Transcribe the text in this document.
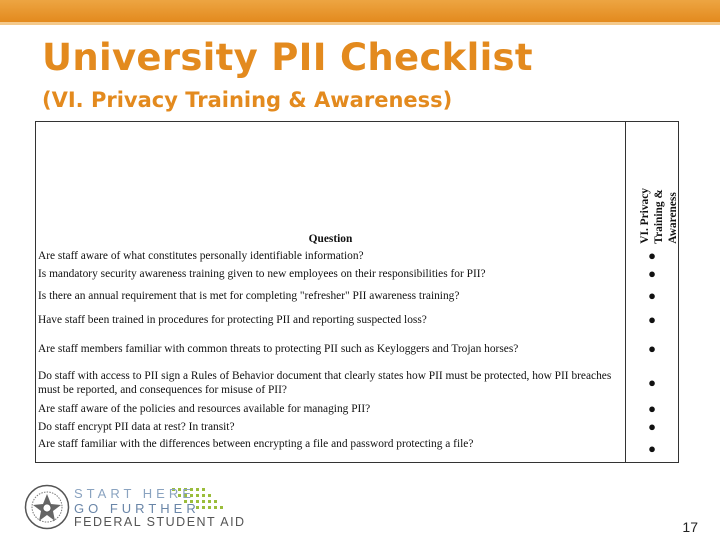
University PII Checklist
(VI. Privacy Training & Awareness)
Question	VI. Privacy Training & Awareness

Are staff aware of what constitutes personally identifiable information?	●
Is mandatory security awareness training given to new employees on their responsibilities for PII?	●
Is there an annual requirement that is met for completing "refresher" PII awareness training?	●
Have staff been trained in procedures for protecting PII and reporting suspected loss?	●
Are staff members familiar with common threats to protecting PII such as Keyloggers and Trojan horses?	●
Do staff with access to PII sign a Rules of Behavior document that clearly states how PII must be protected, how PII breaches must be reported, and consequences for misuse of PII?	●
Are staff aware of the policies and resources available for managing PII?	●
Do staff encrypt PII data at rest? In transit?	●
Are staff familiar with the differences between encrypting a file and password protecting a file?	●
START HERE
GO FURTHER
FEDERAL STUDENT AID	17
